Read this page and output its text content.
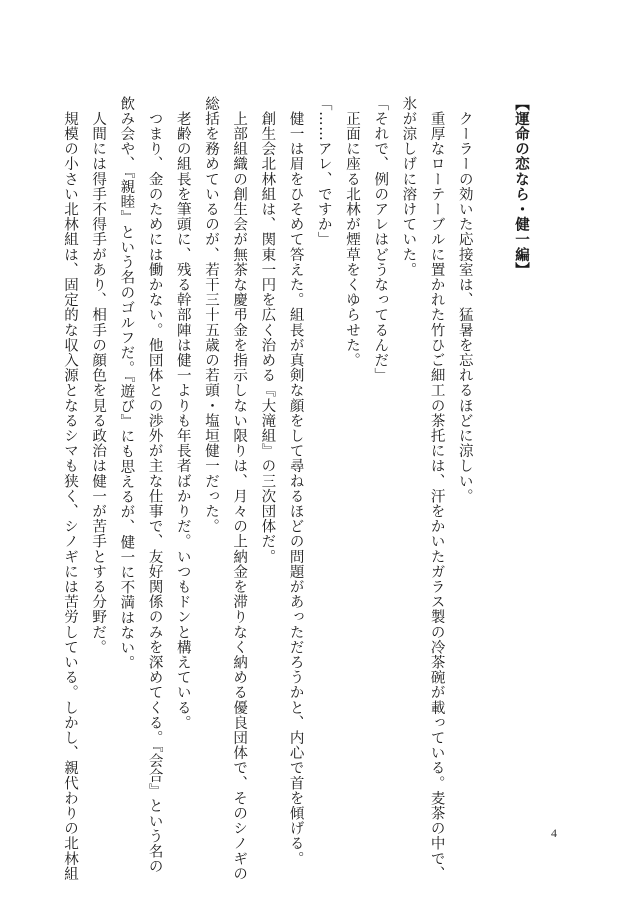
【運命の恋なら・健一編】

　クーラーの効いた応接室は、猛暑を忘れるほどに涼しい。

　重厚なローテーブルに置かれた竹ひご細工の茶托には、汗をかいたガラス製の冷茶碗が載っている。麦茶の中で、

氷が涼しげに溶けていた。

「それで、例のアレはどうなってるんだ」

　正面に座る北林が煙草をくゆらせた。

「……アレ、ですか」

　健一は眉をひそめて答えた。組長が真剣な顔をして尋ねるほどの問題があっただろうかと、内心で首を傾げる。

　創生会北林組は、関東一円を広く治める『大滝組』の三次団体だ。

　上部組織の創生会が無茶な慶弔金を指示しない限りは、月々の上納金を滞りなく納める優良団体で、そのシノギの

総括を務めているのが、若干三十五歳の若頭・塩垣健一だった。

　老齢の組長を筆頭に、残る幹部陣は健一よりも年長者ばかりだ。いつもドンと構えている。

　つまり、金のためには働かない。他団体との渉外が主な仕事で、友好関係のみを深めてくる。『会合』という名の

飲み会や、『親睦』という名のゴルフだ。『遊び』にも思えるが、健一に不満はない。

　人間には得手不得手があり、相手の顔色を見る政治は健一が苦手とする分野だ。

　規模の小さい北林組は、固定的な収入源となるシマも狭く、シノギには苦労している。しかし、親代わりの北林組	4
